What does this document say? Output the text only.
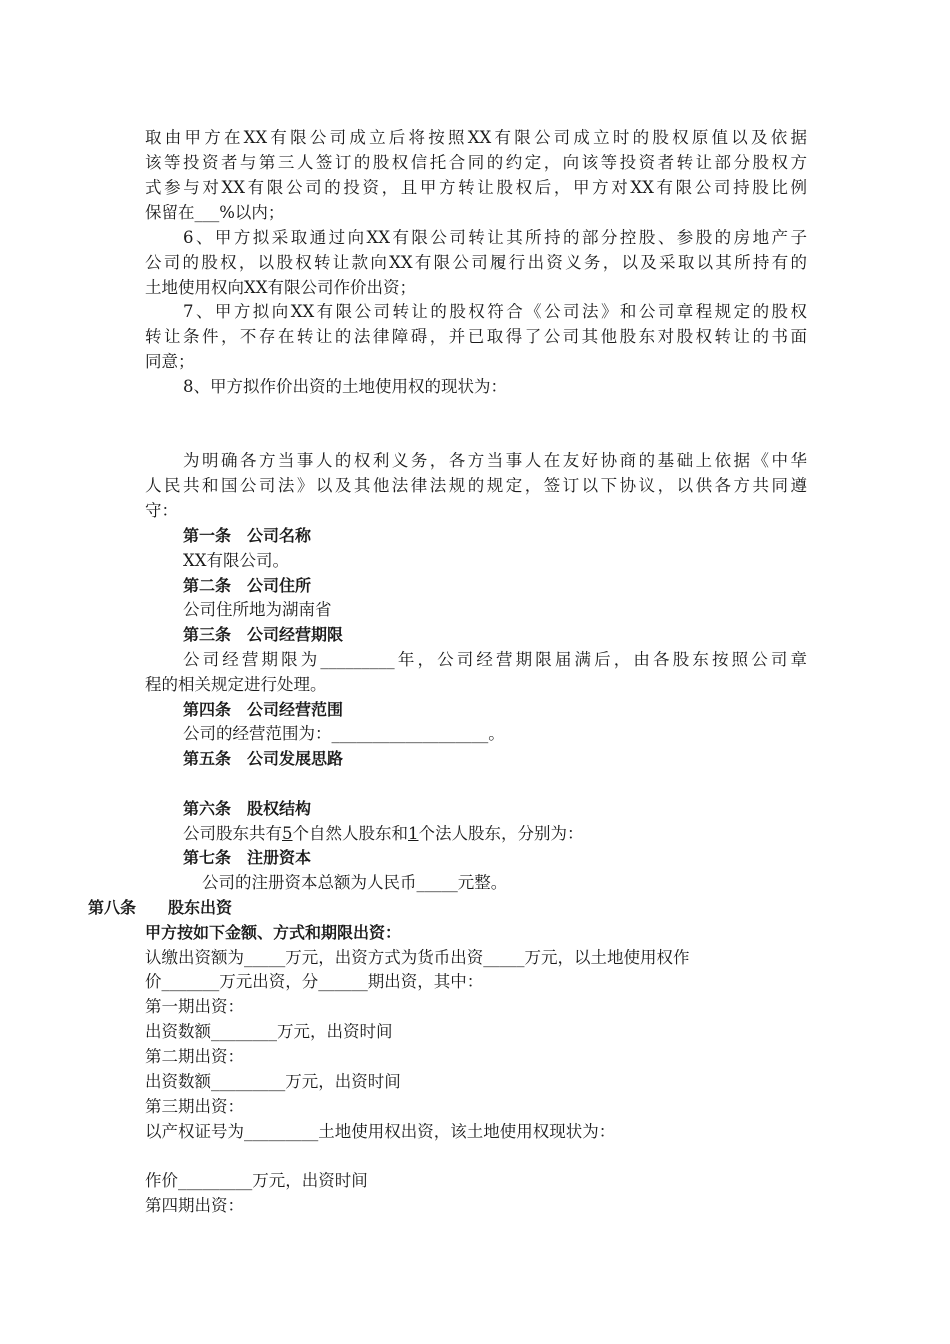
取由甲方在XX有限公司成立后将按照XX有限公司成立时的股权原值以及依据
该等投资者与第三人签订的股权信托合同的约定，向该等投资者转让部分股权方
式参与对XX有限公司的投资，且甲方转让股权后，甲方对XX有限公司持股比例
保留在___%以内；
6、甲方拟采取通过向XX有限公司转让其所持的部分控股、参股的房地产子
公司的股权，以股权转让款向XX有限公司履行出资义务，以及采取以其所持有的
土地使用权向XX有限公司作价出资；
7、甲方拟向XX有限公司转让的股权符合《公司法》和公司章程规定的股权
转让条件，不存在转让的法律障碍，并已取得了公司其他股东对股权转让的书面
同意；
8、甲方拟作价出资的土地使用权的现状为：
为明确各方当事人的权利义务，各方当事人在友好协商的基础上依据《中华
人民共和国公司法》以及其他法律法规的规定，签订以下协议，以供各方共同遵
守：
第一条　公司名称
XX有限公司。
第二条　公司住所
公司住所地为湖南省
第三条　公司经营期限
公司经营期限为_________年，公司经营期限届满后，由各股东按照公司章
程的相关规定进行处理。
第四条　公司经营范围
公司的经营范围为：___________________。
第五条　公司发展思路
第六条　股权结构
公司股东共有5个自然人股东和1个法人股东，分别为：
第七条　注册资本
公司的注册资本总额为人民币_____元整。
第八条　　股东出资
甲方按如下金额、方式和期限出资：
认缴出资额为_____万元，出资方式为货币出资_____万元，以土地使用权作
价_______万元出资，分______期出资，其中：
第一期出资：
出资数额________万元，出资时间
第二期出资：
出资数额_________万元，出资时间
第三期出资：
以产权证号为_________土地使用权出资，该土地使用权现状为：
作价_________万元，出资时间
第四期出资：
